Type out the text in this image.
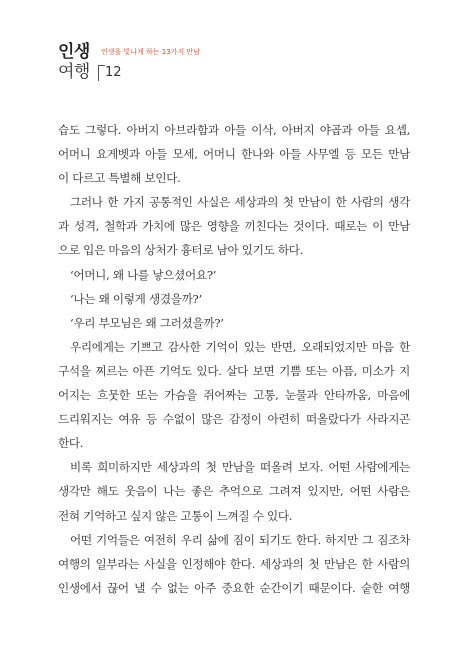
인생 인생을 빛나게 하는 13가지 만남
여행 12
습도 그렇다. 아버지 아브라함과 아들 이삭, 아버지 야곱과 아들 요셉,
어머니 요게벳과 아들 모세, 어머니 한나와 아들 사무엘 등 모든 만남
이 다르고 특별해 보인다.
그러나 한 가지 공통적인 사실은 세상과의 첫 만남이 한 사람의 생각
과 성격, 철학과 가치에 많은 영향을 끼친다는 것이다. 때로는 이 만남
으로 입은 마음의 상처가 흉터로 남아 있기도 하다.
‘어머니, 왜 나를 낳으셨어요?’
‘나는 왜 이렇게 생겼을까?’
‘우리 부모님은 왜 그러셨을까?’
우리에게는 기쁘고 감사한 기억이 있는 반면, 오래되었지만 마음 한
구석을 찌르는 아픈 기억도 있다. 살다 보면 기쁨 또는 아픔, 미소가 지
어지는 흐뭇한 또는 가슴을 쥐어짜는 고통, 눈물과 안타까움, 마음에
드리워지는 여유 등 수없이 많은 감정이 아련히 떠올랐다가 사라지곤
한다.
비록 희미하지만 세상과의 첫 만남을 떠올려 보자. 어떤 사람에게는
생각만 해도 웃음이 나는 좋은 추억으로 그려져 있지만, 어떤 사람은
전혀 기억하고 싶지 않은 고통이 느껴질 수 있다.
어떤 기억들은 여전히 우리 삶에 짐이 되기도 한다. 하지만 그 짐조차
여행의 일부라는 사실을 인정해야 한다. 세상과의 첫 만남은 한 사람의
인생에서 끊어 낼 수 없는 아주 중요한 순간이기 때문이다. 숱한 여행
